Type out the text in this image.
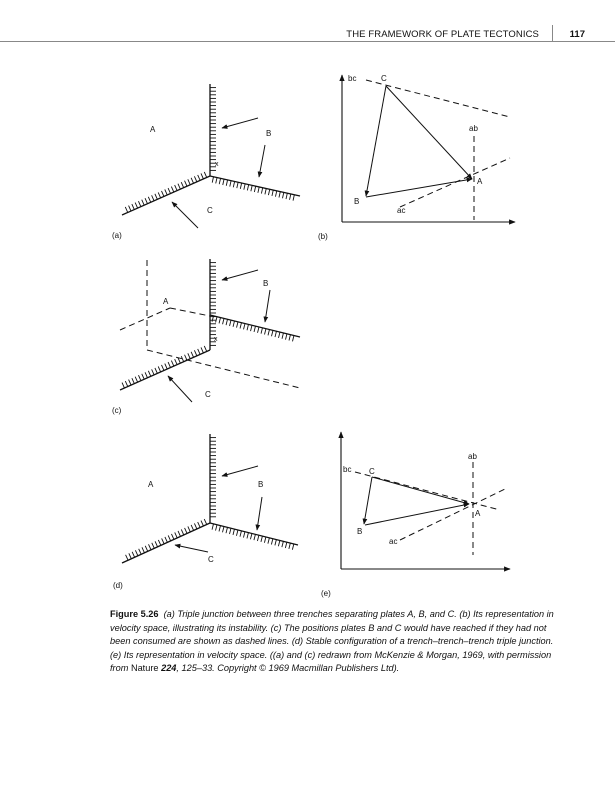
THE FRAMEWORK OF PLATE TECTONICS	117
A	B
C
x
(a)
bc	C
ab
A
B
ac
(b)
A
B
C
x
(c)
A	B
C
(d)
bc C
ab
A
B
ac
(e)
Figure 5.26 (a) Triple junction between three trenches separating plates A, B, and C. (b) Its representation in velocity space, illustrating its instability. (c) The positions plates B and C would have reached if they had not been consumed are shown as dashed lines. (d) Stable configuration of a trench–trench–trench triple junction. (e) Its representation in velocity space. ((a) and (c) redrawn from McKenzie & Morgan, 1969, with permission from Nature 224, 125–33. Copyright © 1969 Macmillan Publishers Ltd).
